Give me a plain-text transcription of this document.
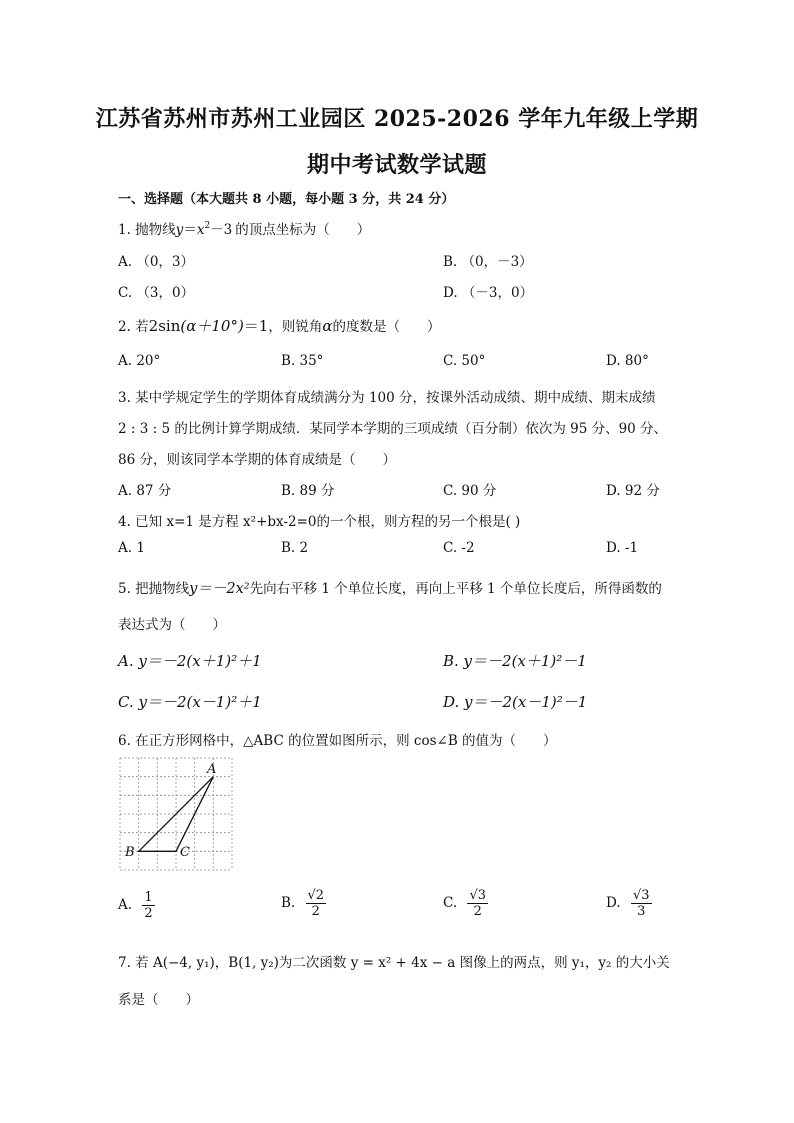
江苏省苏州市苏州工业园区 2025-2026 学年九年级上学期
期中考试数学试题
一、选择题（本大题共 8 小题，每小题 3 分，共 24 分）
1. 抛物线$y=x^2-3$ 的顶点坐标为（　　）
A. （0，3）	B. （0，－3）
C. （3，0）	D. （－3，0）
2. 若2sin(α＋10°)＝1，则锐角α的度数是（　　）
A. 20°	B. 35°	C. 50°	D. 80°
3. 某中学规定学生的学期体育成绩满分为 100 分，按课外活动成绩、期中成绩、期末成绩
2 : 3 : 5 的比例计算学期成绩．某同学本学期的三项成绩（百分制）依次为 95 分、90 分、
86 分，则该同学本学期的体育成绩是（　　）
A. 87 分	B. 89 分	C. 90 分	D. 92 分
4. 已知 x=1 是方程 x²+bx-2=0的一个根，则方程的另一个根是( )
A. 1	B. 2	C. -2	D. -1
5. 把抛物线y＝－2x²先向右平移 1 个单位长度，再向上平移 1 个单位长度后，所得函数的
表达式为（　　）
A. y＝－2(x＋1)²＋1	B. y＝－2(x＋1)²－1
C. y＝－2(x－1)²＋1	D. y＝－2(x－1)²－1
6. 在正方形网格中，△ABC 的位置如图所示，则 cos∠B 的值为（　　）
A
B	C
A. $\frac{1}{2}$	B. $\frac{√2}{2}$	C. $\frac{√3}{2}$	D. $\frac{√3}{3}$
7. 若 A(−4, y₁)，B(1, y₂)为二次函数 y = x² + 4x − a 图像上的两点，则 y₁，y₂ 的大小关
系是（　　）
